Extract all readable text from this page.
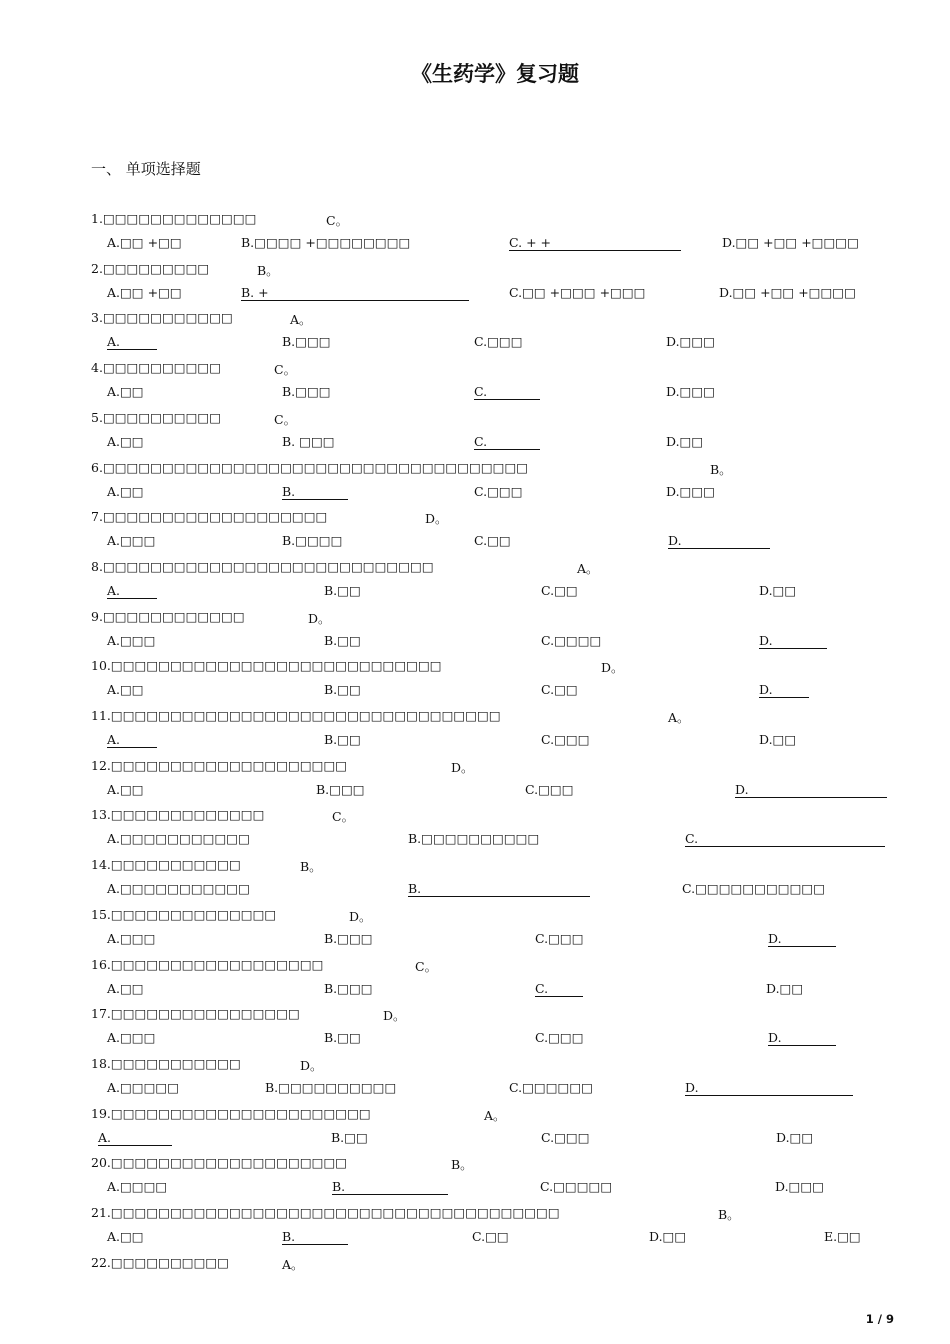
《生药学》复习题
一、 单项选择题
1.□□□□□□□□□□□□□	C。
A.□□ +□□	B.□□□□ +□□□□□□□□	C. + +	D.□□ +□□ +□□□□
2.□□□□□□□□□	B。
A.□□ +□□	B. +	C.□□ +□□□ +□□□	D.□□ +□□ +□□□□
3.□□□□□□□□□□□	A。
A.	B.□□□	C.□□□	D.□□□
4.□□□□□□□□□□	C。
A.□□	B.□□□	C.	D.□□□
5.□□□□□□□□□□	C。
A.□□	B. □□□	C.	D.□□
6.□□□□□□□□□□□□□□□□□□□□□□□□□□□□□□□□□□□□	B。
A.□□	B.	C.□□□	D.□□□
7.□□□□□□□□□□□□□□□□□□□	D。
A.□□□	B.□□□□	C.□□	D.
8.□□□□□□□□□□□□□□□□□□□□□□□□□□□□	A。
A.	B.□□	C.□□	D.□□
9.□□□□□□□□□□□□	D。
A.□□□	B.□□	C.□□□□	D.
10.□□□□□□□□□□□□□□□□□□□□□□□□□□□□	D。
A.□□	B.□□	C.□□	D.
11.□□□□□□□□□□□□□□□□□□□□□□□□□□□□□□□□□	A。
A.	B.□□	C.□□□	D.□□
12.□□□□□□□□□□□□□□□□□□□□	D。
A.□□	B.□□□	C.□□□	D.
13.□□□□□□□□□□□□□	C。
A.□□□□□□□□□□□	B.□□□□□□□□□□	C.
14.□□□□□□□□□□□	B。
A.□□□□□□□□□□□	B.	C.□□□□□□□□□□□
15.□□□□□□□□□□□□□□	D。
A.□□□	B.□□□	C.□□□	D.
16.□□□□□□□□□□□□□□□□□□	C。
A.□□	B.□□□	C.	D.□□
17.□□□□□□□□□□□□□□□□	D。
A.□□□	B.□□	C.□□□	D.
18.□□□□□□□□□□□	D。
A.□□□□□	B.□□□□□□□□□□	C.□□□□□□	D.
19.□□□□□□□□□□□□□□□□□□□□□□	A。
A.	B.□□	C.□□□	D.□□
20.□□□□□□□□□□□□□□□□□□□□	B。
A.□□□□	B.	C.□□□□□	D.□□□
21.□□□□□□□□□□□□□□□□□□□□□□□□□□□□□□□□□□□□□□	B。
A.□□	B.	C.□□	D.□□	E.□□
22.□□□□□□□□□□	A。
1 / 9
